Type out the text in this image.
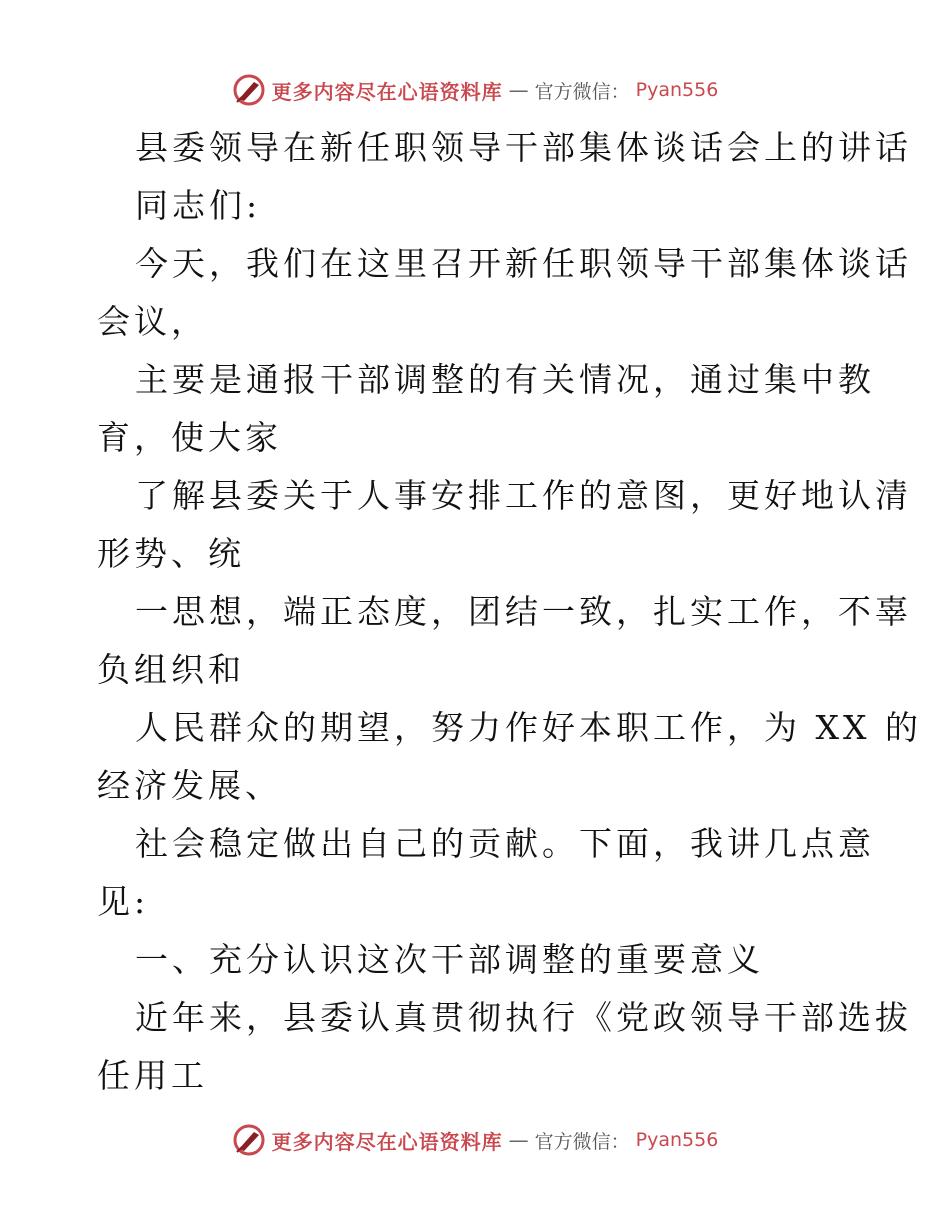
更多内容尽在心语资料库 — 官方微信： Pyan556
县委领导在新任职领导干部集体谈话会上的讲话
同志们:
今天，我们在这里召开新任职领导干部集体谈话
会议，
主要是通报干部调整的有关情况，通过集中教
育，使大家
了解县委关于人事安排工作的意图，更好地认清
形势、统
一思想，端正态度，团结一致，扎实工作，不辜
负组织和
人民群众的期望，努力作好本职工作，为 XX 的
经济发展、
社会稳定做出自己的贡献。下面，我讲几点意
见:
一、充分认识这次干部调整的重要意义
近年来，县委认真贯彻执行《党政领导干部选拔
任用工
更多内容尽在心语资料库 — 官方微信： Pyan556
